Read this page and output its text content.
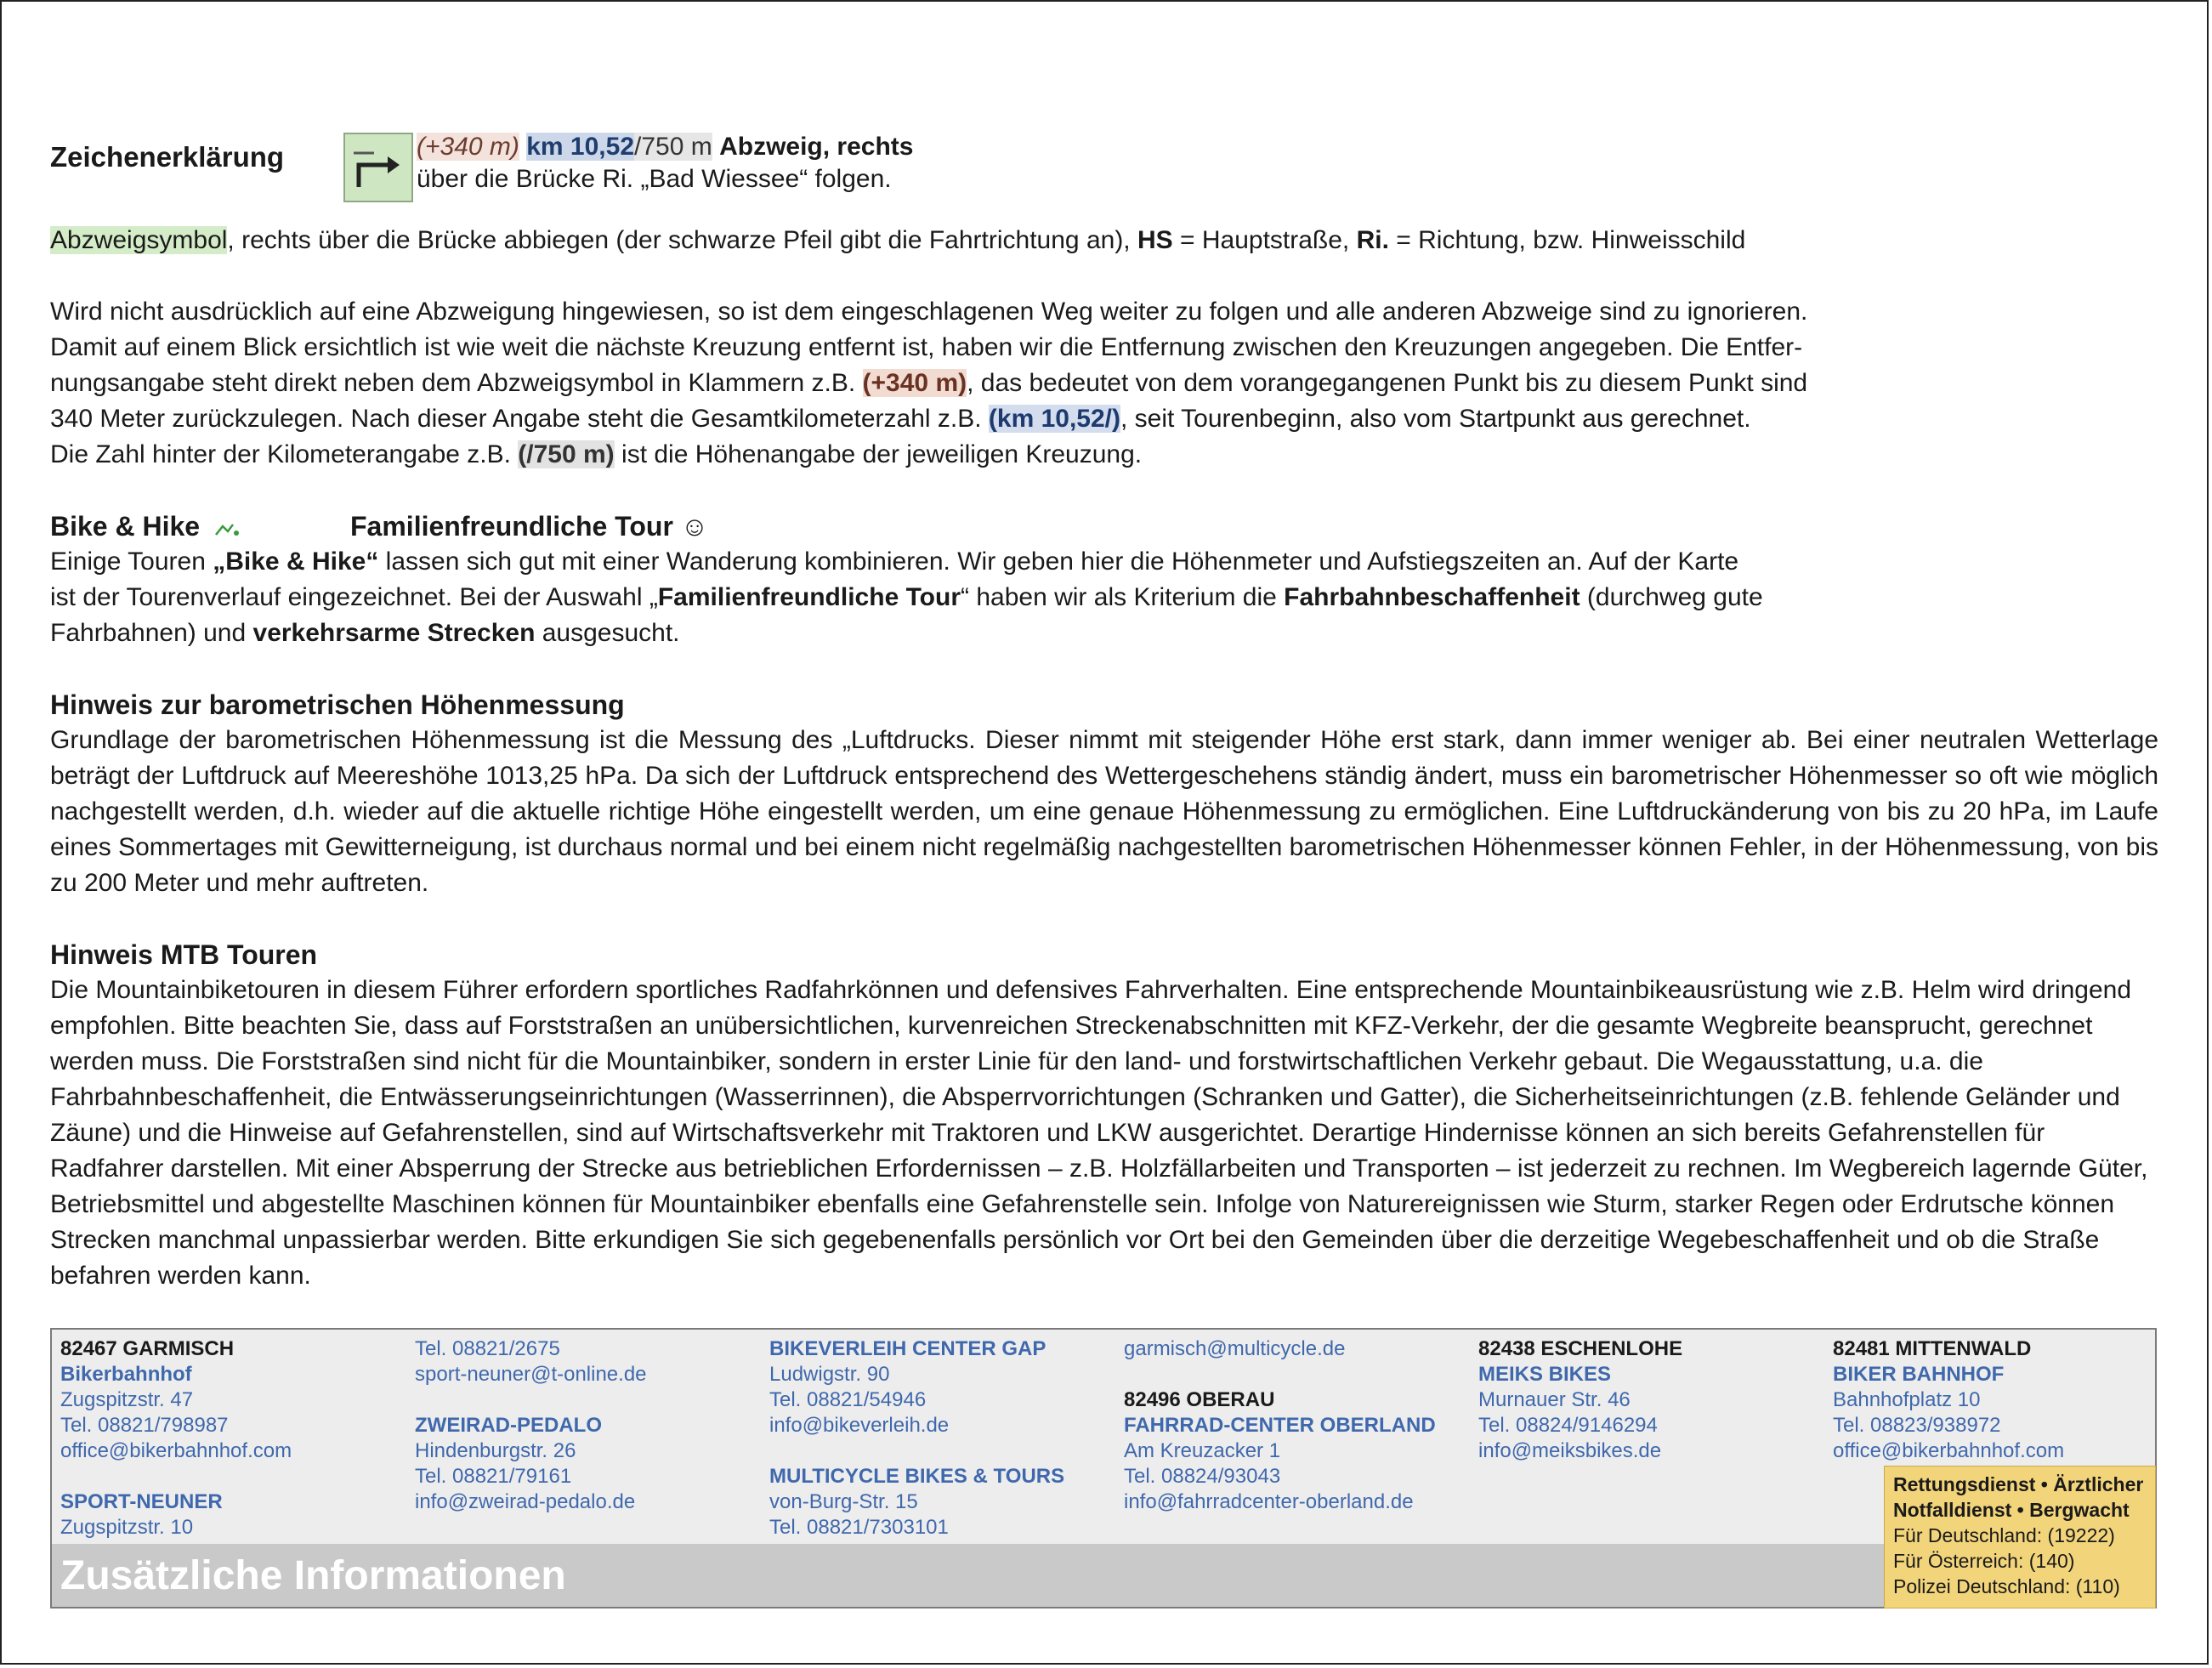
Zeichenerklärung	(+340 m) km 10,52/750 m Abzweig, rechts
über die Brücke Ri. „Bad Wiessee“ folgen.

Abzweigsymbol, rechts über die Brücke abbiegen (der schwarze Pfeil gibt die Fahrtrichtung an), HS = Hauptstraße, Ri. = Richtung, bzw. Hinweisschild

Wird nicht ausdrücklich auf eine Abzweigung hingewiesen, so ist dem eingeschlagenen Weg weiter zu folgen und alle anderen Abzweige sind zu ignorieren.

Damit auf einem Blick ersichtlich ist wie weit die nächste Kreuzung entfernt ist, haben wir die Entfernung zwischen den Kreuzungen angegeben. Die Entfer-

nungsangabe steht direkt neben dem Abzweigsymbol in Klammern z.B. (+340 m), das bedeutet von dem vorangegangenen Punkt bis zu diesem Punkt sind

340 Meter zurückzulegen. Nach dieser Angabe steht die Gesamtkilometerzahl z.B. (km 10,52/), seit Tourenbeginn, also vom Startpunkt aus gerechnet.

Die Zahl hinter der Kilometerangabe z.B. (/750 m) ist die Höhenangabe der jeweiligen Kreuzung.

Bike & Hike	Familienfreundliche Tour ☺

Einige Touren „Bike & Hike“ lassen sich gut mit einer Wanderung kombinieren. Wir geben hier die Höhenmeter und Aufstiegszeiten an. Auf der Karte

ist der Tourenverlauf eingezeichnet. Bei der Auswahl „Familienfreundliche Tour“ haben wir als Kriterium die Fahrbahnbeschaffenheit (durchweg gute

Fahrbahnen) und verkehrsarme Strecken ausgesucht.

Hinweis zur barometrischen Höhenmessung

Grundlage der barometrischen Höhenmessung ist die Messung des „Luftdrucks. Dieser nimmt mit steigender Höhe erst stark, dann immer weniger ab. Bei einer neutralen Wetterlage beträgt der Luftdruck auf Meereshöhe 1013,25 hPa. Da sich der Luftdruck entsprechend des Wettergeschehens ständig ändert, muss ein barometrischer Höhenmesser so oft wie möglich nachgestellt werden, d.h. wieder auf die aktuelle richtige Höhe eingestellt werden, um eine genaue Höhenmessung zu ermöglichen. Eine Luftdruckänderung von bis zu 20 hPa, im Laufe eines Sommertages mit Gewitterneigung, ist durchaus normal und bei einem nicht regelmäßig nachgestellten barometrischen Höhenmesser können Fehler, in der Höhenmessung, von bis zu 200 Meter und mehr auftreten.

Hinweis MTB Touren

Die Mountainbiketouren in diesem Führer erfordern sportliches Radfahrkönnen und defensives Fahrverhalten. Eine entsprechende Mountainbikeausrüstung wie z.B. Helm wird dringend empfohlen. Bitte beachten Sie, dass auf Forststraßen an unübersichtlichen, kurvenreichen Streckenabschnitten mit KFZ-Verkehr, der die gesamte Wegbreite beansprucht, gerechnet werden muss. Die Forststraßen sind nicht für die Mountainbiker, sondern in erster Linie für den land- und forstwirtschaftlichen Verkehr gebaut. Die Wegausstattung, u.a. die Fahrbahnbeschaffenheit, die Entwässerungseinrichtungen (Wasserrinnen), die Absperrvorrichtungen (Schranken und Gatter), die Sicherheitseinrichtungen (z.B. fehlende Geländer und Zäune) und die Hinweise auf Gefahrenstellen, sind auf Wirtschaftsverkehr mit Traktoren und LKW ausgerichtet. Derartige Hindernisse können an sich bereits Gefahrenstellen für Radfahrer darstellen. Mit einer Absperrung der Strecke aus betrieblichen Erfordernissen – z.B. Holzfällarbeiten und Transporten – ist jederzeit zu rechnen. Im Wegbereich lagernde Güter, Betriebsmittel und abgestellte Maschinen können für Mountainbiker ebenfalls eine Gefahrenstelle sein. Infolge von Naturereignissen wie Sturm, starker Regen oder Erdrutsche können Strecken manchmal unpassierbar werden. Bitte erkundigen Sie sich gegebenenfalls persönlich vor Ort bei den Gemeinden über die derzeitige Wegebeschaffenheit und ob die Straße befahren werden kann.

82467 GARMISCH
Bikerbahnhof
Zugspitzstr. 47
Tel. 08821/798987
office@bikerbahnhof.com
SPORT-NEUNER
Zugspitzstr. 10
Tel. 08821/2675
sport-neuner@t-online.de
ZWEIRAD-PEDALO
Hindenburgstr. 26
Tel. 08821/79161
info@zweirad-pedalo.de
BIKEVERLEIH CENTER GAP
Ludwigstr. 90
Tel. 08821/54946
info@bikeverleih.de
MULTICYCLE BIKES & TOURS
von-Burg-Str. 15
Tel. 08821/7303101
garmisch@multicycle.de
82496 OBERAU
FAHRRAD-CENTER OBERLAND
Am Kreuzacker 1
Tel. 08824/93043
info@fahrradcenter-oberland.de
82438 ESCHENLOHE
MEIKS BIKES
Murnauer Str. 46
Tel. 08824/9146294
info@meiksbikes.de
82481 MITTENWALD
BIKER BAHNHOF
Bahnhofplatz 10
Tel. 08823/938972
office@bikerbahnhof.com
Zusätzliche Informationen
Rettungsdienst • Ärztlicher
Notfalldienst • Bergwacht
Für Deutschland: (19222)
Für Österreich: (140)
Polizei Deutschland: (110)
